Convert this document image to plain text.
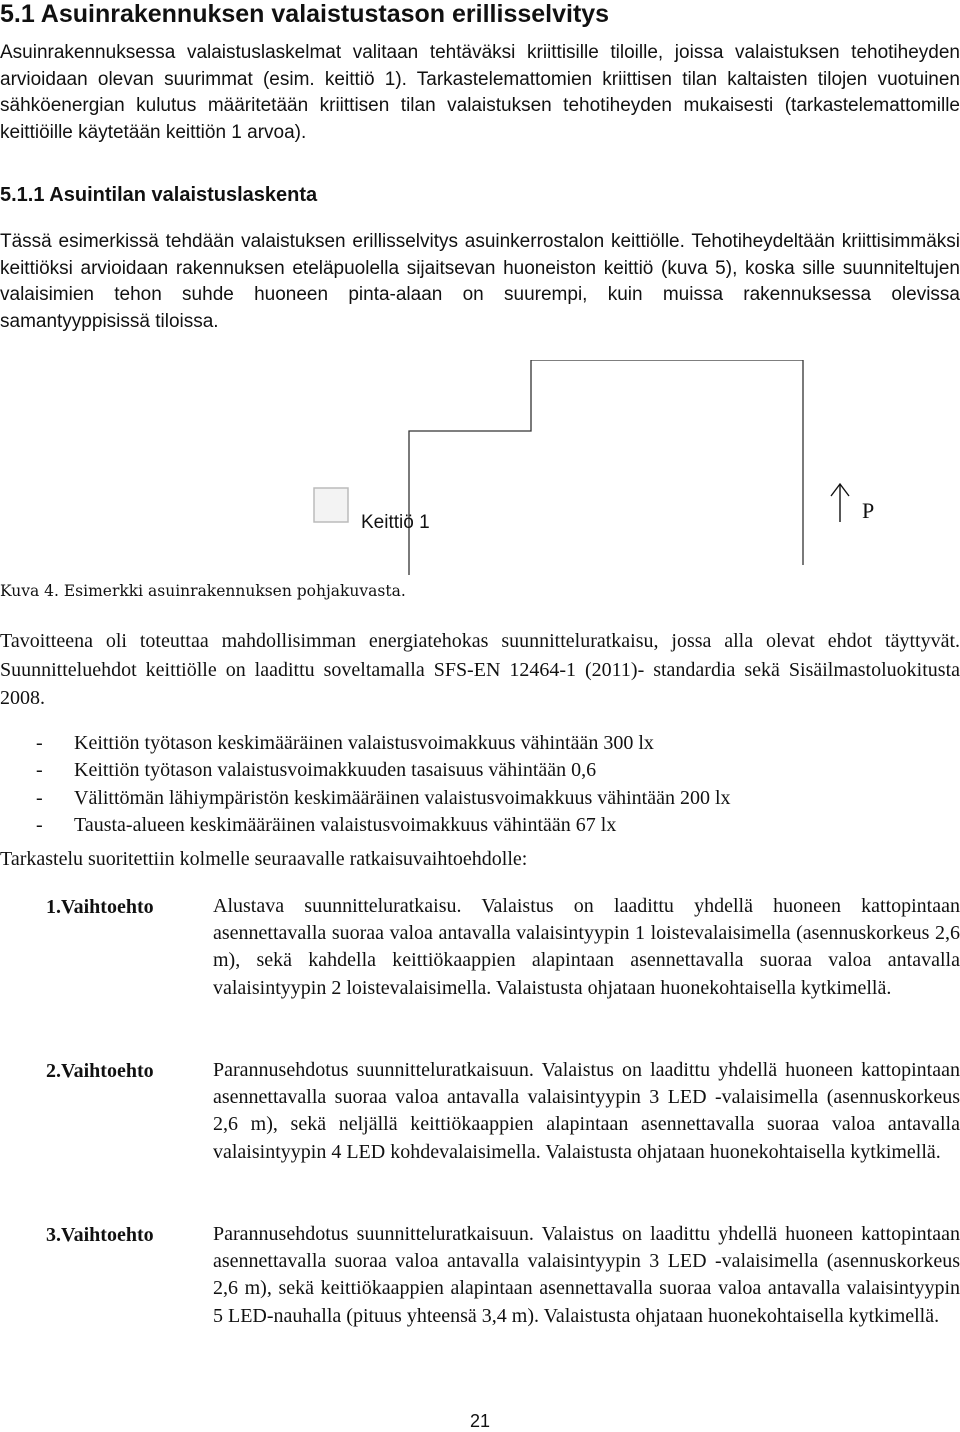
5.1 Asuinrakennuksen valaistustason erillisselvitys

Asuinrakennuksessa valaistuslaskelmat valitaan tehtäväksi kriittisille tiloille, joissa valaistuksen tehotiheyden arvioidaan olevan suurimmat (esim. keittiö 1). Tarkastelemattomien kriittisen tilan kaltaisten tilojen vuotuinen sähköenergian kulutus määritetään kriittisen tilan valaistuksen tehotiheyden mukaisesti (tarkastelemattomille keittiöille käytetään keittiön 1 arvoa).

5.1.1 Asuintilan valaistuslaskenta

Tässä esimerkissä tehdään valaistuksen erillisselvitys asuinkerrostalon keittiölle. Tehotiheydeltään kriittisimmäksi keittiöksi arvioidaan rakennuksen eteläpuolella sijaitsevan huoneiston keittiö (kuva 5), koska sille suunniteltujen valaisimien tehon suhde huoneen pinta-alaan on suurempi, kuin muissa rakennuksessa olevissa samantyyppisissä tiloissa.

Keittiö 1	P

Kuva 4. Esimerkki asuinrakennuksen pohjakuvasta.

Tavoitteena oli toteuttaa mahdollisimman energiatehokas suunnitteluratkaisu, jossa alla olevat ehdot täyttyvät. Suunnitteluehdot keittiölle on laadittu soveltamalla SFS-EN 12464-1 (2011)- standardia sekä Sisäilmastoluokitusta 2008.

- Keittiön työtason keskimääräinen valaistusvoimakkuus vähintään 300 lx
- Keittiön työtason valaistusvoimakkuuden tasaisuus vähintään 0,6
- Välittömän lähiympäristön keskimääräinen valaistusvoimakkuus vähintään 200 lx
- Tausta-alueen keskimääräinen valaistusvoimakkuus vähintään 67 lx

Tarkastelu suoritettiin kolmelle seuraavalle ratkaisuvaihtoehdolle:

1.Vaihtoehto	Alustava suunnitteluratkaisu. Valaistus on laadittu yhdellä huoneen kattopintaan asennettavalla suoraa valoa antavalla valaisintyypin 1 loistevalaisimella (asennuskorkeus 2,6 m), sekä kahdella keittiökaappien alapintaan asennettavalla suoraa valoa antavalla valaisintyypin 2 loistevalaisimella. Valaistusta ohjataan huonekohtaisella kytkimellä.

2.Vaihtoehto	Parannusehdotus suunnitteluratkaisuun. Valaistus on laadittu yhdellä huoneen kattopintaan asennettavalla suoraa valoa antavalla valaisintyypin 3 LED -valaisimella (asennuskorkeus 2,6 m), sekä neljällä keittiökaappien alapintaan asennettavalla suoraa valoa antavalla valaisintyypin 4 LED kohdevalaisimella. Valaistusta ohjataan huonekohtaisella kytkimellä.

3.Vaihtoehto	Parannusehdotus suunnitteluratkaisuun. Valaistus on laadittu yhdellä huoneen kattopintaan asennettavalla suoraa valoa antavalla valaisintyypin 3 LED -valaisimella (asennuskorkeus 2,6 m), sekä keittiökaappien alapintaan asennettavalla suoraa valoa antavalla valaisintyypin 5 LED-nauhalla (pituus yhteensä 3,4 m). Valaistusta ohjataan huonekohtaisella kytkimellä.

21
